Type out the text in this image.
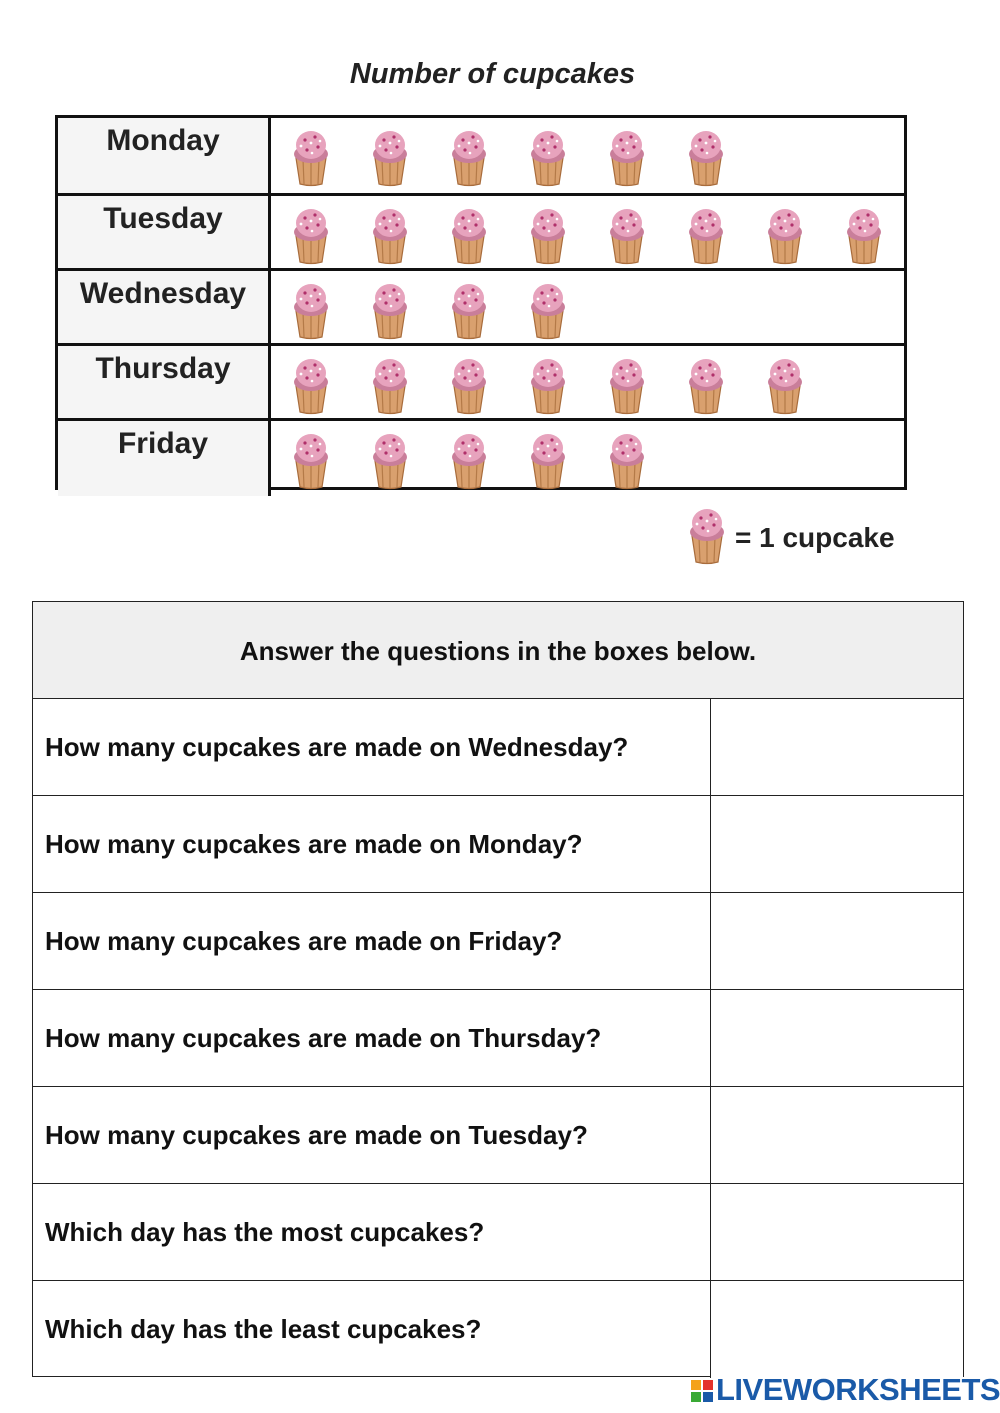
Number of cupcakes
Monday
Tuesday
Wednesday
Thursday
Friday
= 1 cupcake
Answer the questions in the boxes below.
How many cupcakes are made on Wednesday?
How many cupcakes are made on Monday?
How many cupcakes are made on Friday?
How many cupcakes are made on Thursday?
How many cupcakes are made on Tuesday?
Which day has the most cupcakes?
Which day has the least cupcakes?
LIVEWORKSHEETS
